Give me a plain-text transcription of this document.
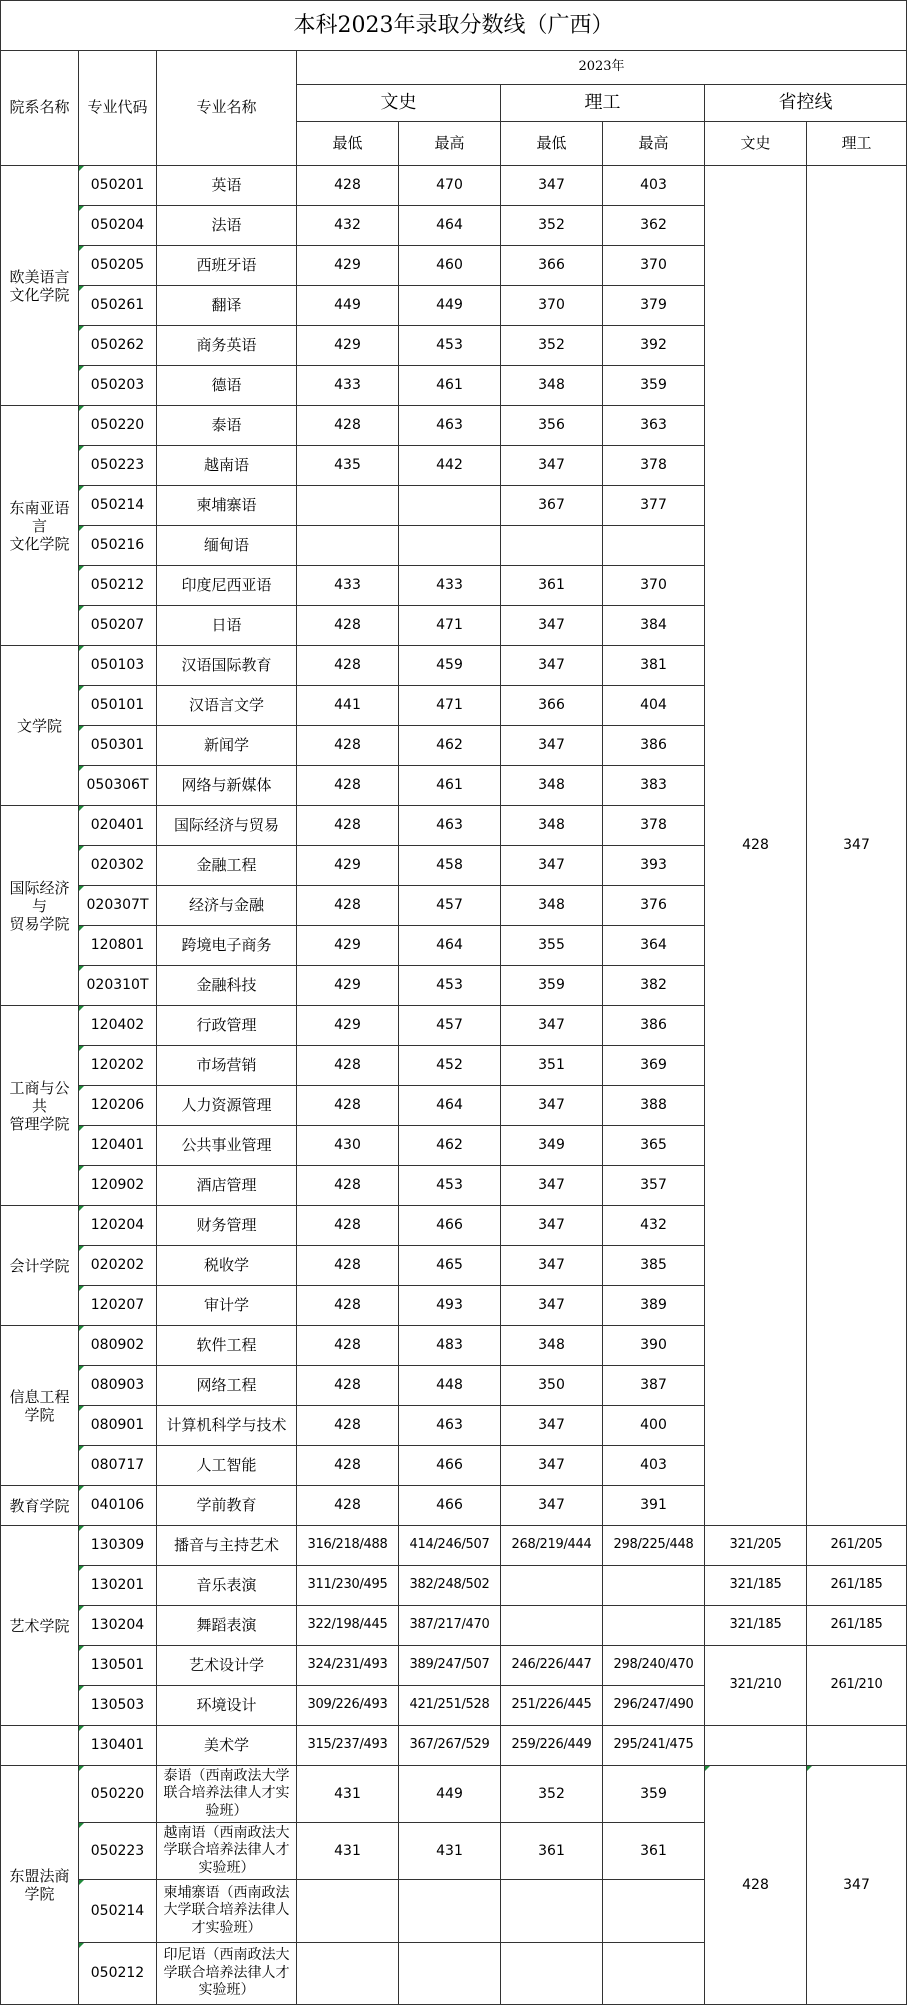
本科2023年录取分数线（广西）								
院系名称	专业代码	专业名称	2023年					
			文史		理工		省控线	
			最低	最高	最低	最高	文史	理工
欧美语言
文化学院	050201	英语	428	470	347	403	428	347
	050204	法语	432	464	352	362		
	050205	西班牙语	429	460	366	370		
	050261	翻译	449	449	370	379		
	050262	商务英语	429	453	352	392		
	050203	德语	433	461	348	359		
东南亚语言
文化学院	050220	泰语	428	463	356	363		
	050223	越南语	435	442	347	378		
	050214	柬埔寨语			367	377		
	050216	缅甸语						
	050212	印度尼西亚语	433	433	361	370		
	050207	日语	428	471	347	384		
文学院	050103	汉语国际教育	428	459	347	381		
	050101	汉语言文学	441	471	366	404		
	050301	新闻学	428	462	347	386		
	050306T	网络与新媒体	428	461	348	383		
国际经济与
贸易学院	020401	国际经济与贸易	428	463	348	378		
	020302	金融工程	429	458	347	393		
	020307T	经济与金融	428	457	348	376		
	120801	跨境电子商务	429	464	355	364		
	020310T	金融科技	429	453	359	382		
工商与公共
管理学院	120402	行政管理	429	457	347	386		
	120202	市场营销	428	452	351	369		
	120206	人力资源管理	428	464	347	388		
	120401	公共事业管理	430	462	349	365		
	120902	酒店管理	428	453	347	357		
会计学院	120204	财务管理	428	466	347	432		
	020202	税收学	428	465	347	385		
	120207	审计学	428	493	347	389		
信息工程
学院	080902	软件工程	428	483	348	390		
	080903	网络工程	428	448	350	387		
	080901	计算机科学与技术	428	463	347	400		
	080717	人工智能	428	466	347	403		
教育学院	040106	学前教育	428	466	347	391		
艺术学院	130309	播音与主持艺术	316/218/488	414/246/507	268/219/444	298/225/448	321/205	261/205
	130201	音乐表演	311/230/495	382/248/502			321/185	261/185
	130204	舞蹈表演	322/198/445	387/217/470			321/185	261/185
	130501	艺术设计学	324/231/493	389/247/507	246/226/447	298/240/470	321/210	261/210
	130503	环境设计	309/226/493	421/251/528	251/226/445	296/247/490		
	130401	美术学	315/237/493	367/267/529	259/226/449	295/241/475		
东盟法商
学院	050220	泰语（西南政法大学联合培养法律人才实验班）	431	449	352	359	428	347
	050223	越南语（西南政法大学联合培养法律人才实验班）	431	431	361	361		
	050214	柬埔寨语（西南政法大学联合培养法律人才实验班）						
	050212	印尼语（西南政法大学联合培养法律人才实验班）						
